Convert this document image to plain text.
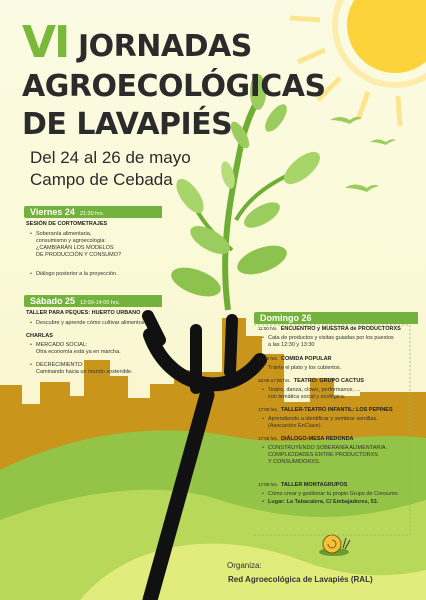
VI JORNADAS
AGROECOLÓGICAS
DE LAVAPIÉS
Del 24 al 26 de mayo
Campo de Cebada
Viernes 24 21:30 hrs.
SESIÓN DE CORTOMETRAJES
• Soberanía alimentaria,
consumismo y agroecología:
¿CAMBIARÁN LOS MODELOS
DE PRODUCCIÓN Y CONSUMO?
• Diálogo posterior a la proyección.
Sábado 25 12:00-14:00 hrs.
TALLER PARA PEQUES: HUERTO URBANO
• Descubre y aprende cómo cultivar alimentos.
CHARLAS
• MERCADO SOCIAL:
Otra economía está ya en marcha.
• DECRECIMIENTO:
Caminando hacia un mundo sostenible.
Domingo 26
11:00 hrs. ENCUENTRO y MUESTRA de PRODUCTORXS
• Cata de productos y visitas guiadas por los puestos
a las 12:30 y 13:30
14:30 hrs. COMIDA POPULAR
• Tráete el plato y los cubiertos.
16:00-17:00 hrs. TEATRO: GRUPO CACTUS
• Teatro, danza, clown, performance, …
con temática social y ecológica.
17:00 hrs. TALLER-TEATRO INFANTIL: LOS PEPINES
• Aprendiendo a identificar y sembrar semillas.
(Asociación EnClave).
17:00 hrs. DIÁLOGO-MESA REDONDA
• CONSTRUYENDO SOBERANÍA ALIMENTARIA.
COMPLICIDADES ENTRE PRODUCTORXS
Y CONSUMIDORXS.
17:00 hrs. TALLER MONTAGRUPOS
• Cómo crear y gestionar tu propio Grupo de Consumo.
• Lugar: La Tabacalera, C/ Embajadores, 53.
Organiza:
Red Agroecológica de Lavapiés (RAL)
